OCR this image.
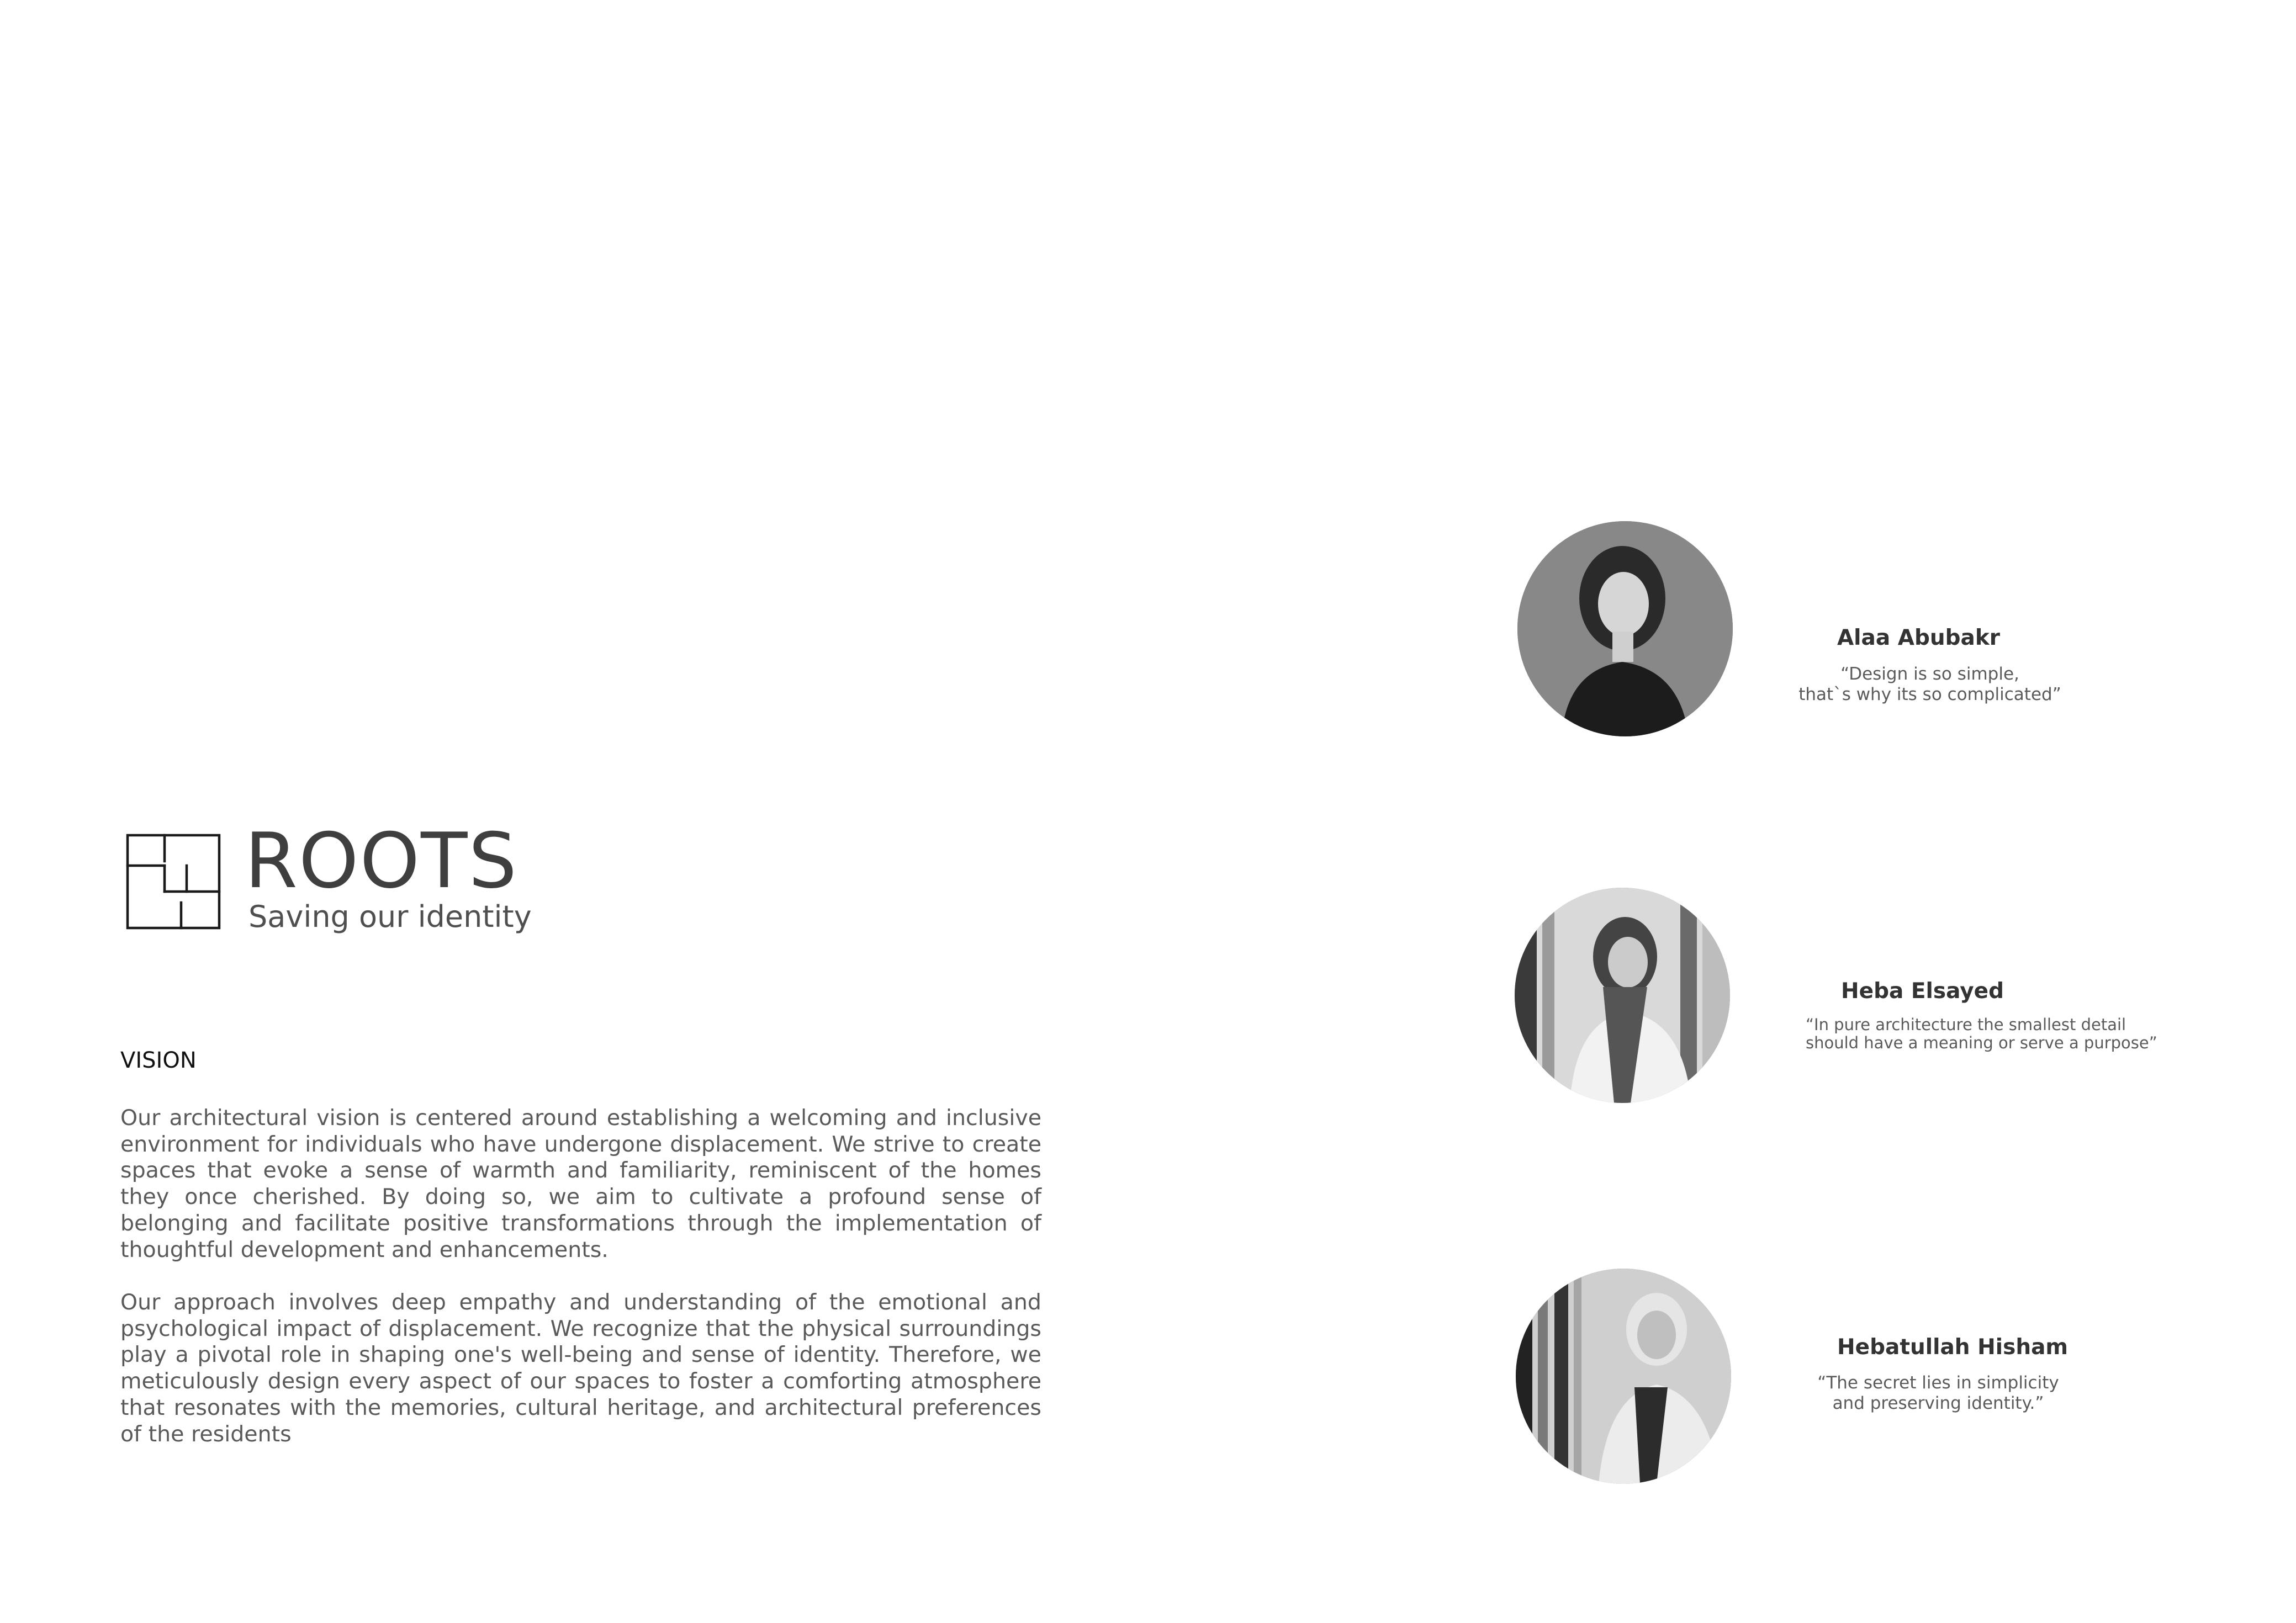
ROOTS
Saving our identity
VISION

Our architectural vision is centered around establishing a welcoming and inclusive environment for individuals who have undergone displacement. We strive to create spaces that evoke a sense of warmth and familiarity, reminiscent of the homes they once cherished. By doing so, we aim to cultivate a profound sense of belonging and facilitate positive transformations through the implementation of thoughtful development and enhancements.

Our approach involves deep empathy and understanding of the emotional and psychological impact of displacement. We recognize that the physical surroundings play a pivotal role in shaping one's well-being and sense of identity. Therefore, we meticulously design every aspect of our spaces to foster a comforting atmosphere that resonates with the memories, cultural heritage, and architectural preferences of the residents

Alaa Abubakr
“Design is so simple,
that`s why its so complicated”
Heba Elsayed
“In pure architecture the smallest detail
should have a meaning or serve a purpose”
Hebatullah Hisham
“The secret lies in simplicity
and preserving identity.”
